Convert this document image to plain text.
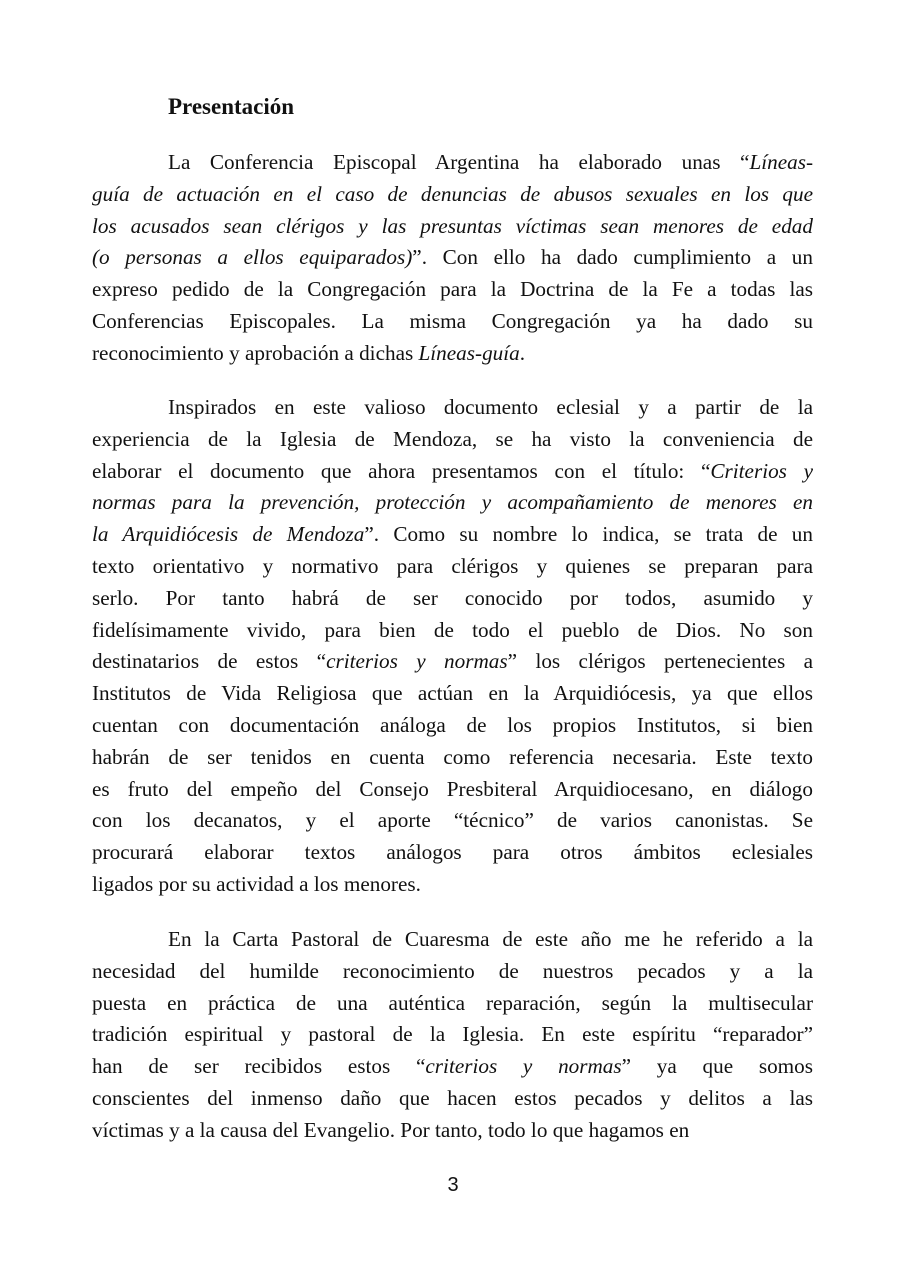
Presentación
La Conferencia Episcopal Argentina ha elaborado unas “Líneas-
guía de actuación en el caso de denuncias de abusos sexuales en los que
los acusados sean clérigos y las presuntas víctimas sean menores de edad
(o personas a ellos equiparados)”. Con ello ha dado cumplimiento a un
expreso pedido de la Congregación para la Doctrina de la Fe a todas las
Conferencias Episcopales. La misma Congregación ya ha dado su
reconocimiento y aprobación a dichas Líneas-guía.
Inspirados en este valioso documento eclesial y a partir de la
experiencia de la Iglesia de Mendoza, se ha visto la conveniencia de
elaborar el documento que ahora presentamos con el título: “Criterios y
normas para la prevención, protección y acompañamiento de menores en
la Arquidiócesis de Mendoza”. Como su nombre lo indica, se trata de un
texto orientativo y normativo para clérigos y quienes se preparan para
serlo. Por tanto habrá de ser conocido por todos, asumido y
fidelísimamente vivido, para bien de todo el pueblo de Dios. No son
destinatarios de estos “criterios y normas” los clérigos pertenecientes a
Institutos de Vida Religiosa que actúan en la Arquidiócesis, ya que ellos
cuentan con documentación análoga de los propios Institutos, si bien
habrán de ser tenidos en cuenta como referencia necesaria. Este texto
es fruto del empeño del Consejo Presbiteral Arquidiocesano, en diálogo
con los decanatos, y el aporte “técnico” de varios canonistas. Se
procurará elaborar textos análogos para otros ámbitos eclesiales
ligados por su actividad a los menores.
En la Carta Pastoral de Cuaresma de este año me he referido a la
necesidad del humilde reconocimiento de nuestros pecados y a la
puesta en práctica de una auténtica reparación, según la multisecular
tradición espiritual y pastoral de la Iglesia. En este espíritu “reparador”
han de ser recibidos estos “criterios y normas” ya que somos
conscientes del inmenso daño que hacen estos pecados y delitos a las
víctimas y a la causa del Evangelio. Por tanto, todo lo que hagamos en
3
